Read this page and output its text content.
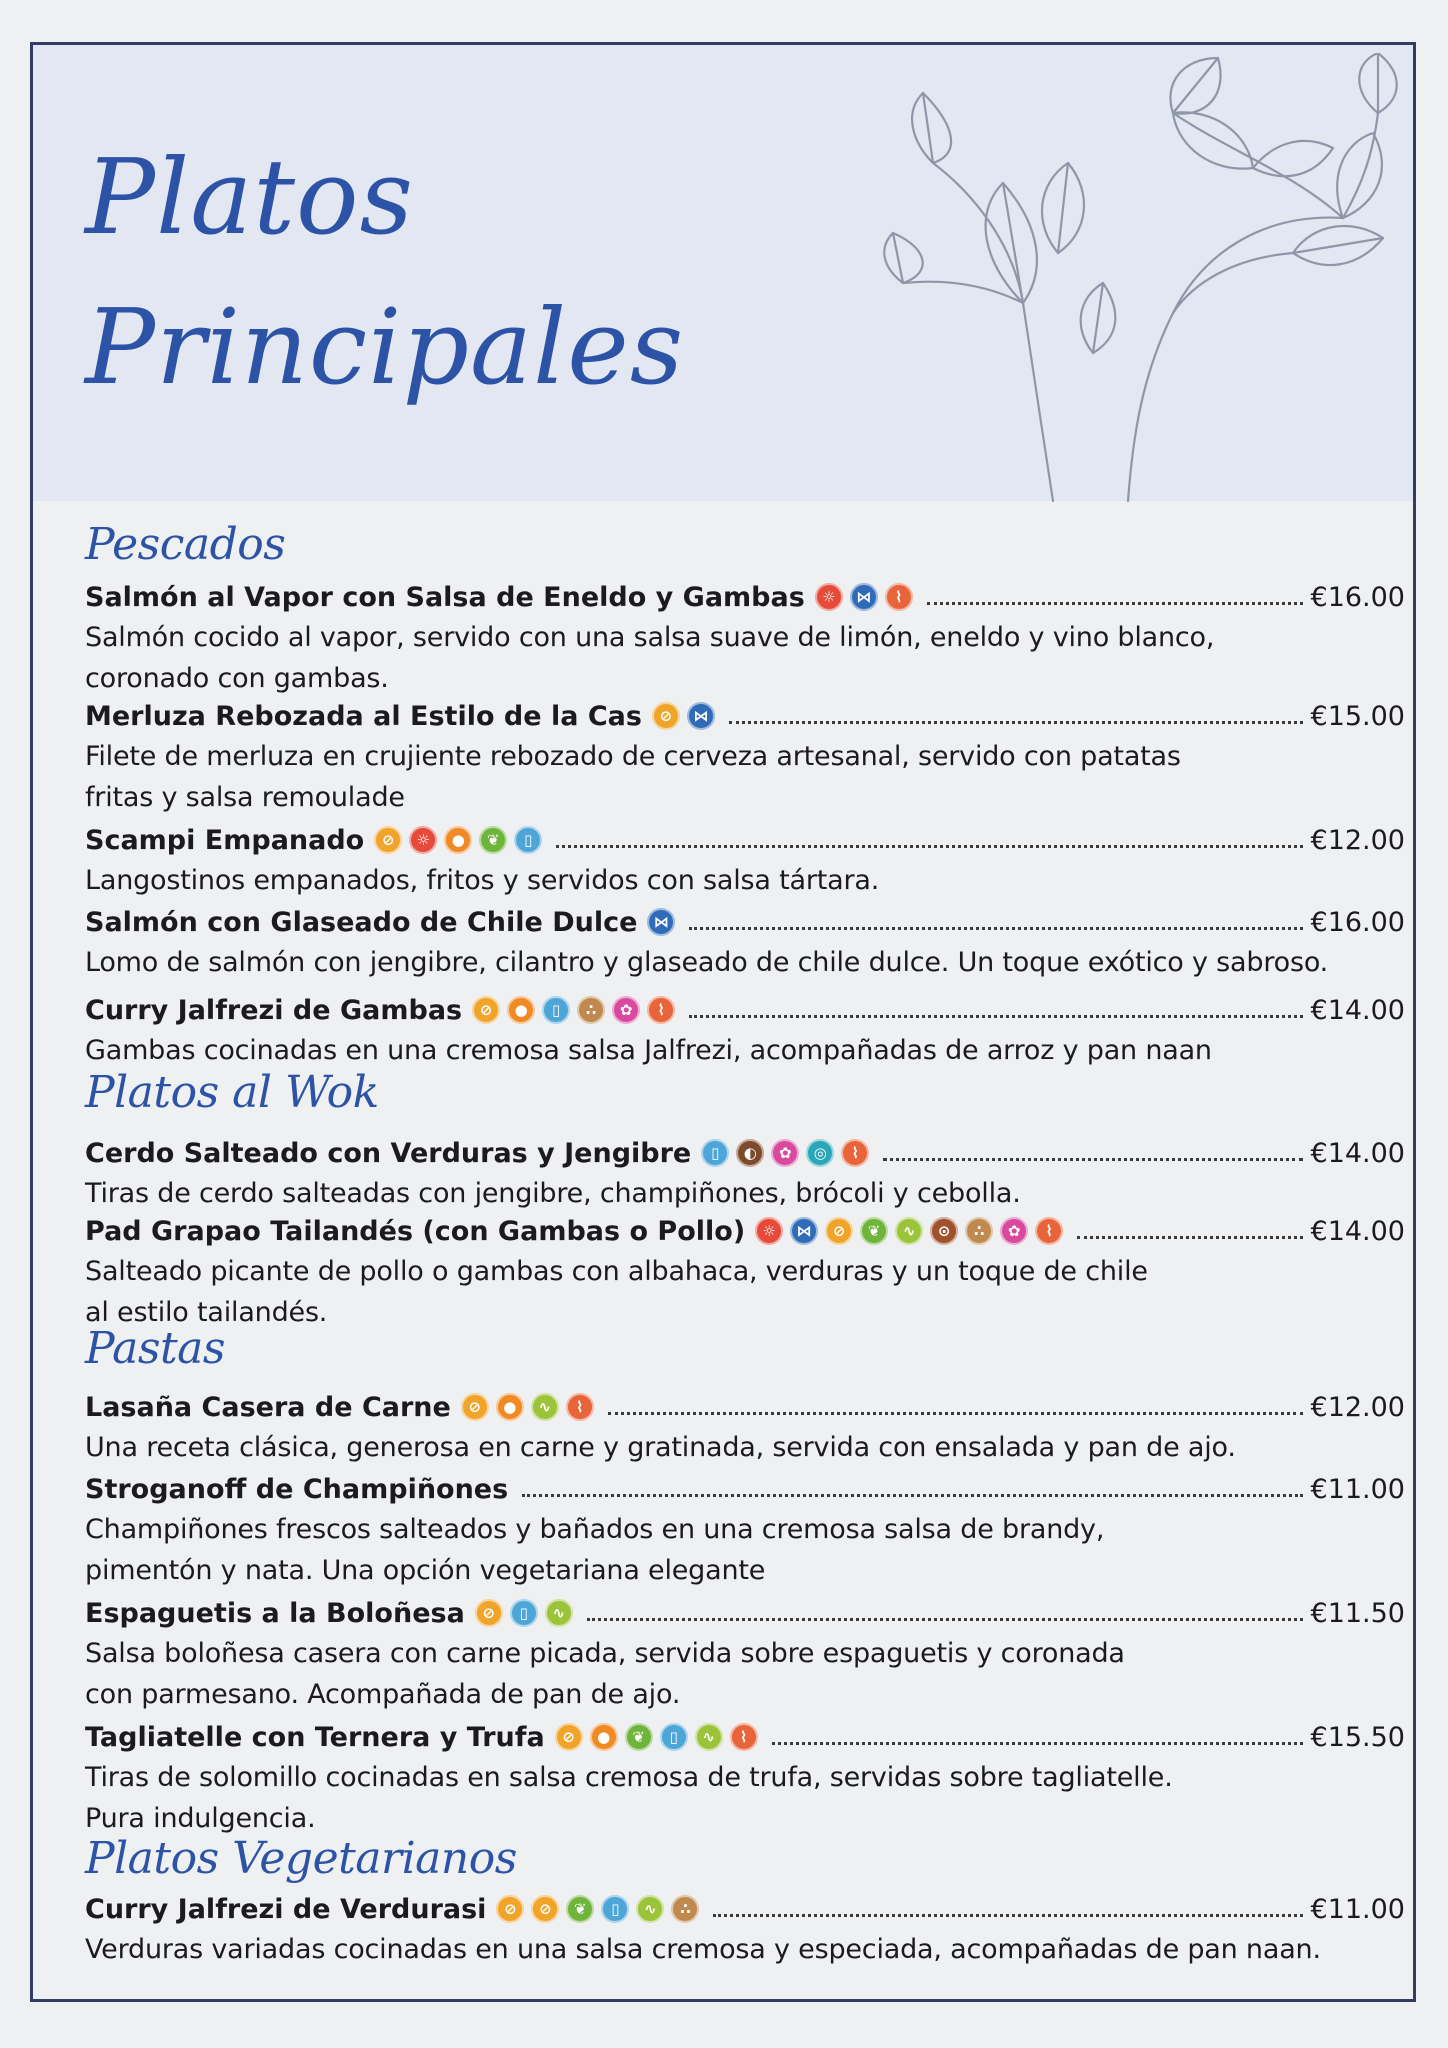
Platos
Principales
Pescados
Salmón al Vapor con Salsa de Eneldo y Gambas	☼	⋈	⌇	€16.00

Salmón cocido al vapor, servido con una salsa suave de limón, eneldo y vino blanco,

coronado con gambas.

Merluza Rebozada al Estilo de la Cas	⊘	⋈	€15.00

Filete de merluza en crujiente rebozado de cerveza artesanal, servido con patatas

fritas y salsa remoulade

Scampi Empanado	⊘	☼	●	❦	▯	€12.00

Langostinos empanados, fritos y servidos con salsa tártara.

Salmón con Glaseado de Chile Dulce	⋈	€16.00

Lomo de salmón con jengibre, cilantro y glaseado de chile dulce. Un toque exótico y sabroso.

Curry Jalfrezi de Gambas	⊘	●	▯	∴	✿	⌇	€14.00

Gambas cocinadas en una cremosa salsa Jalfrezi, acompañadas de arroz y pan naan

Platos al Wok
Cerdo Salteado con Verduras y Jengibre	▯	◐	✿	◎	⌇	€14.00

Tiras de cerdo salteadas con jengibre, champiñones, brócoli y cebolla.

Pad Grapao Tailandés (con Gambas o Pollo)	☼	⋈	⊘	❦	∿	⊙	∴	✿	⌇	€14.00

Salteado picante de pollo o gambas con albahaca, verduras y un toque de chile

al estilo tailandés.

Pastas
Lasaña Casera de Carne	⊘	●	∿	⌇	€12.00

Una receta clásica, generosa en carne y gratinada, servida con ensalada y pan de ajo.

Stroganoff de Champiñones	€11.00

Champiñones frescos salteados y bañados en una cremosa salsa de brandy,

pimentón y nata. Una opción vegetariana elegante

Espaguetis a la Boloñesa	⊘	▯	∿	€11.50

Salsa boloñesa casera con carne picada, servida sobre espaguetis y coronada

con parmesano. Acompañada de pan de ajo.

Tagliatelle con Ternera y Trufa	⊘	●	❦	▯	∿	⌇	€15.50

Tiras de solomillo cocinadas en salsa cremosa de trufa, servidas sobre tagliatelle.

Pura indulgencia.

Platos Vegetarianos
Curry Jalfrezi de Verdurasi	⊘	⊘	❦	▯	∿	∴	€11.00

Verduras variadas cocinadas en una salsa cremosa y especiada, acompañadas de pan naan.
